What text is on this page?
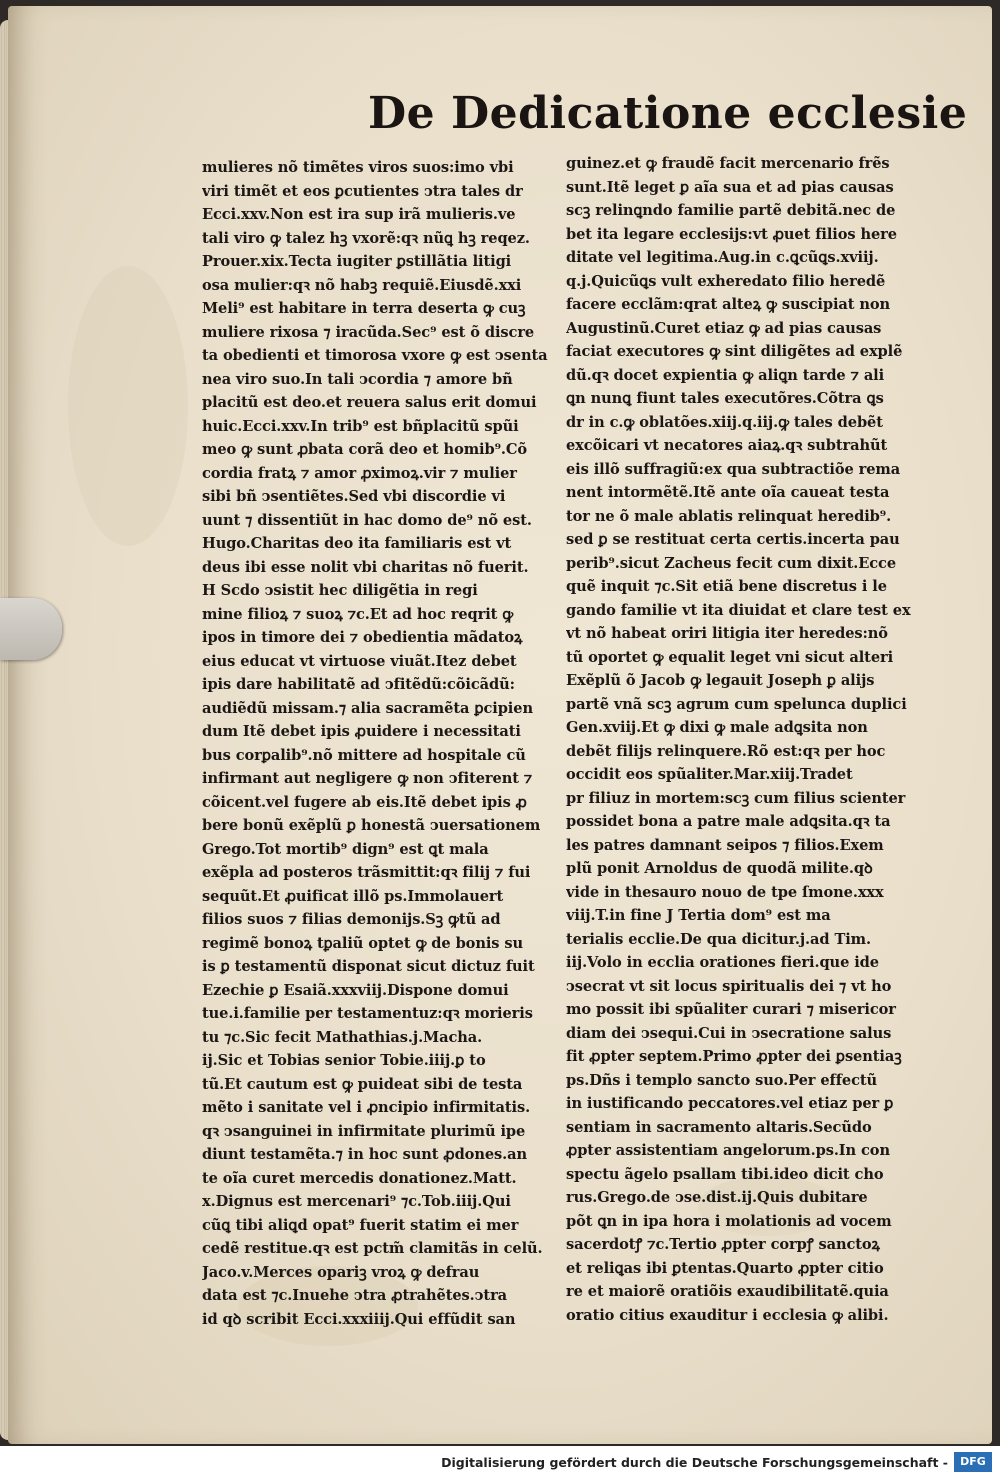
De Dedicatione ecclesie
mulieres nõ timẽtes viros suos:imo vbi
viri timẽt et eos ꝑcutientes ↄtra tales dr
Ecci.xxv.Non est ira sup irã mulieris.ve
tali viro ꝙ talez hꝫ vxorẽ:qꝛ nũꝗ hꝫ reqez.
Prouer.xix.Tecta iugiter ꝑstillãtia litigi
osa mulier:qꝛ nõ habꝫ requiẽ.Eiusdẽ.xxi
Meli⁹ est habitare in terra deserta ꝙ cuꝫ
muliere rixosa ⁊ iracũda.Sec⁹ est õ discre
ta obedienti et timorosa vxore ꝙ est ↄsenta
nea viro suo.In tali ↄcordia ⁊ amore bñ
placitũ est deo.et reuera salus erit domui
huic.Ecci.xxv.In trib⁹ est bñplacitũ spũi
meo ꝙ sunt ꝓbata corã deo et homib⁹.Cõ
cordia fratꝝ ⁊ amor ꝓximoꝝ.vir ⁊ mulier
sibi bñ ↄsentiẽtes.Sed vbi discordie vi
uunt ⁊ dissentiũt in hac domo de⁹ nõ est.
Hugo.Charitas deo ita familiaris est vt
deus ibi esse nolit vbi charitas nõ fuerit.
H Scdo ↄsistit hec diligẽtia in regi
mine filioꝝ ⁊ suoꝝ ⁊c.Et ad hoc reqrit ꝙ
ipos in timore dei ⁊ obedientia mãdatoꝝ
eius educat vt virtuose viuãt.Itez debet
ipis dare habilitatẽ ad ↄfitẽdũ:cõicãdũ:
audiẽdũ missam.⁊ alia sacramẽta ꝑcipien
dum Itẽ debet ipis ꝓuidere i necessitati
bus corꝑalib⁹.nõ mittere ad hospitale cũ
infirmant aut negligere ꝙ non ↄfiterent ⁊
cõicent.vel fugere ab eis.Itẽ debet ipis ꝓ
bere bonũ exẽplũ ꝑ honestã ↄuersationem
Grego.Tot mortib⁹ dign⁹ est ꝗt mala
exẽpla ad posteros trãsmittit:qꝛ filij ⁊ fui
sequũt.Et ꝓuificat illõ ps.Immolauert
filios suos ⁊ filias demonijs.Sꝫ ꝙtũ ad
regimẽ bonoꝝ tꝑaliũ optet ꝙ de bonis su
is ꝑ testamentũ disponat sicut dictuz fuit
Ezechie ꝑ Esaiã.xxxviij.Dispone domui
tue.i.familie per testamentuz:qꝛ morieris
tu ⁊c.Sic fecit Mathathias.j.Macha.
ij.Sic et Tobias senior Tobie.iiij.ꝑ to
tũ.Et cautum est ꝙ puideat sibi de testa
mẽto i sanitate vel i ꝓncipio infirmitatis.
qꝛ ↄsanguinei in infirmitate plurimũ ipe
diunt testamẽta.⁊ in hoc sunt ꝓdones.an
te oĩa curet mercedis donationez.Matt.
x.Dignus est mercenari⁹ ⁊c.Tob.iiij.Qui
cũꝗ tibi aliꝗd opat⁹ fuerit statim ei mer
cedẽ restitue.qꝛ est pctm̃ clamitãs in celũ.
Jaco.v.Merces opariꝫ vroꝝ ꝙ defrau
data est ⁊c.Inuehe ↄtra ꝓtrahẽtes.ↄtra
id qꝺ scribit Ecci.xxxiiij.Qui effũdit san
guinez.et ꝙ fraudẽ facit mercenario frẽs
sunt.Itẽ leget ꝑ aĩa sua et ad pias causas
scꝫ relinꝗndo familie partẽ debitã.nec de
bet ita legare ecclesijs:vt ꝓuet filios here
ditate vel legitima.Aug.in c.ꝗcũꝗs.xviij.
q.j.Quicũꝗs vult exheredato filio heredẽ
facere ecclãm:qrat alteꝝ ꝙ suscipiat non
Augustinũ.Curet etiaz ꝙ ad pias causas
faciat executores ꝙ sint diligẽtes ad explẽ
dũ.qꝛ docet expientia ꝙ aliꝗn tarde ⁊ ali
ꝗn nunꝗ fiunt tales executõres.Cõtra ꝗs
dr in c.ꝙ oblatões.xiij.q.iij.ꝙ tales debẽt
excõicari vt necatores aiaꝝ.qꝛ subtrahũt
eis illõ suffragiũ:ex qua subtractiõe rema
nent intormẽtẽ.Itẽ ante oĩa caueat testa
tor ne õ male ablatis relinquat heredib⁹.
sed ꝑ se restituat certa certis.incerta pau
perib⁹.sicut Zacheus fecit cum dixit.Ecce
quẽ inquit ⁊c.Sit etiã bene discretus i le
gando familie vt ita diuidat et clare test ex
vt nõ habeat oriri litigia iter heredes:nõ
tũ oportet ꝙ equalit leget vni sicut alteri
Exẽplũ õ Jacob ꝙ legauit Joseph ꝑ alijs
partẽ vnã scꝫ agrum cum spelunca duplici
Gen.xviij.Et ꝙ dixi ꝙ male adꝗsita non
debẽt filijs relinquere.Rõ est:qꝛ per hoc
occidit eos spũaliter.Mar.xiij.Tradet
pr filiuz in mortem:scꝫ cum filius scienter
possidet bona a patre male adꝗsita.qꝛ ta
les patres damnant seipos ⁊ filios.Exem
plũ ponit Arnoldus de quodã milite.qꝺ
vide in thesauro nouo de tpe ſmone.xxx
viij.T.in fine J Tertia dom⁹ est ma
terialis ecclie.De qua dicitur.j.ad Tim.
iij.Volo in ecclia orationes fieri.que ide
ↄsecrat vt sit locus spiritualis dei ⁊ vt ho
mo possit ibi spũaliter curari ⁊ misericor
diam dei ↄsequi.Cui in ↄsecratione salus
fit ꝓpter septem.Primo ꝓpter dei ꝑsentiaꝫ
ps.Dñs i templo sancto suo.Per effectũ
in iustificando peccatores.vel etiaz per ꝑ
sentiam in sacramento altaris.Secũdo
ꝓpter assistentiam angelorum.ps.In con
spectu ãgelo psallam tibi.ideo dicit cho
rus.Grego.de ↄse.dist.ij.Quis dubitare
põt ꝗn in ipa hora i molationis ad vocem
sacerdotꝭ ⁊c.Tertio ꝓpter corpꝭ sanctoꝝ
et reliꝗas ibi ꝑtentas.Quarto ꝓpter citio
re et maiorẽ oratiõis exaudibilitatẽ.quia
oratio citius exauditur i ecclesia ꝙ alibi.
Digitalisierung gefördert durch die Deutsche Forschungsgemeinschaft -	DFG
